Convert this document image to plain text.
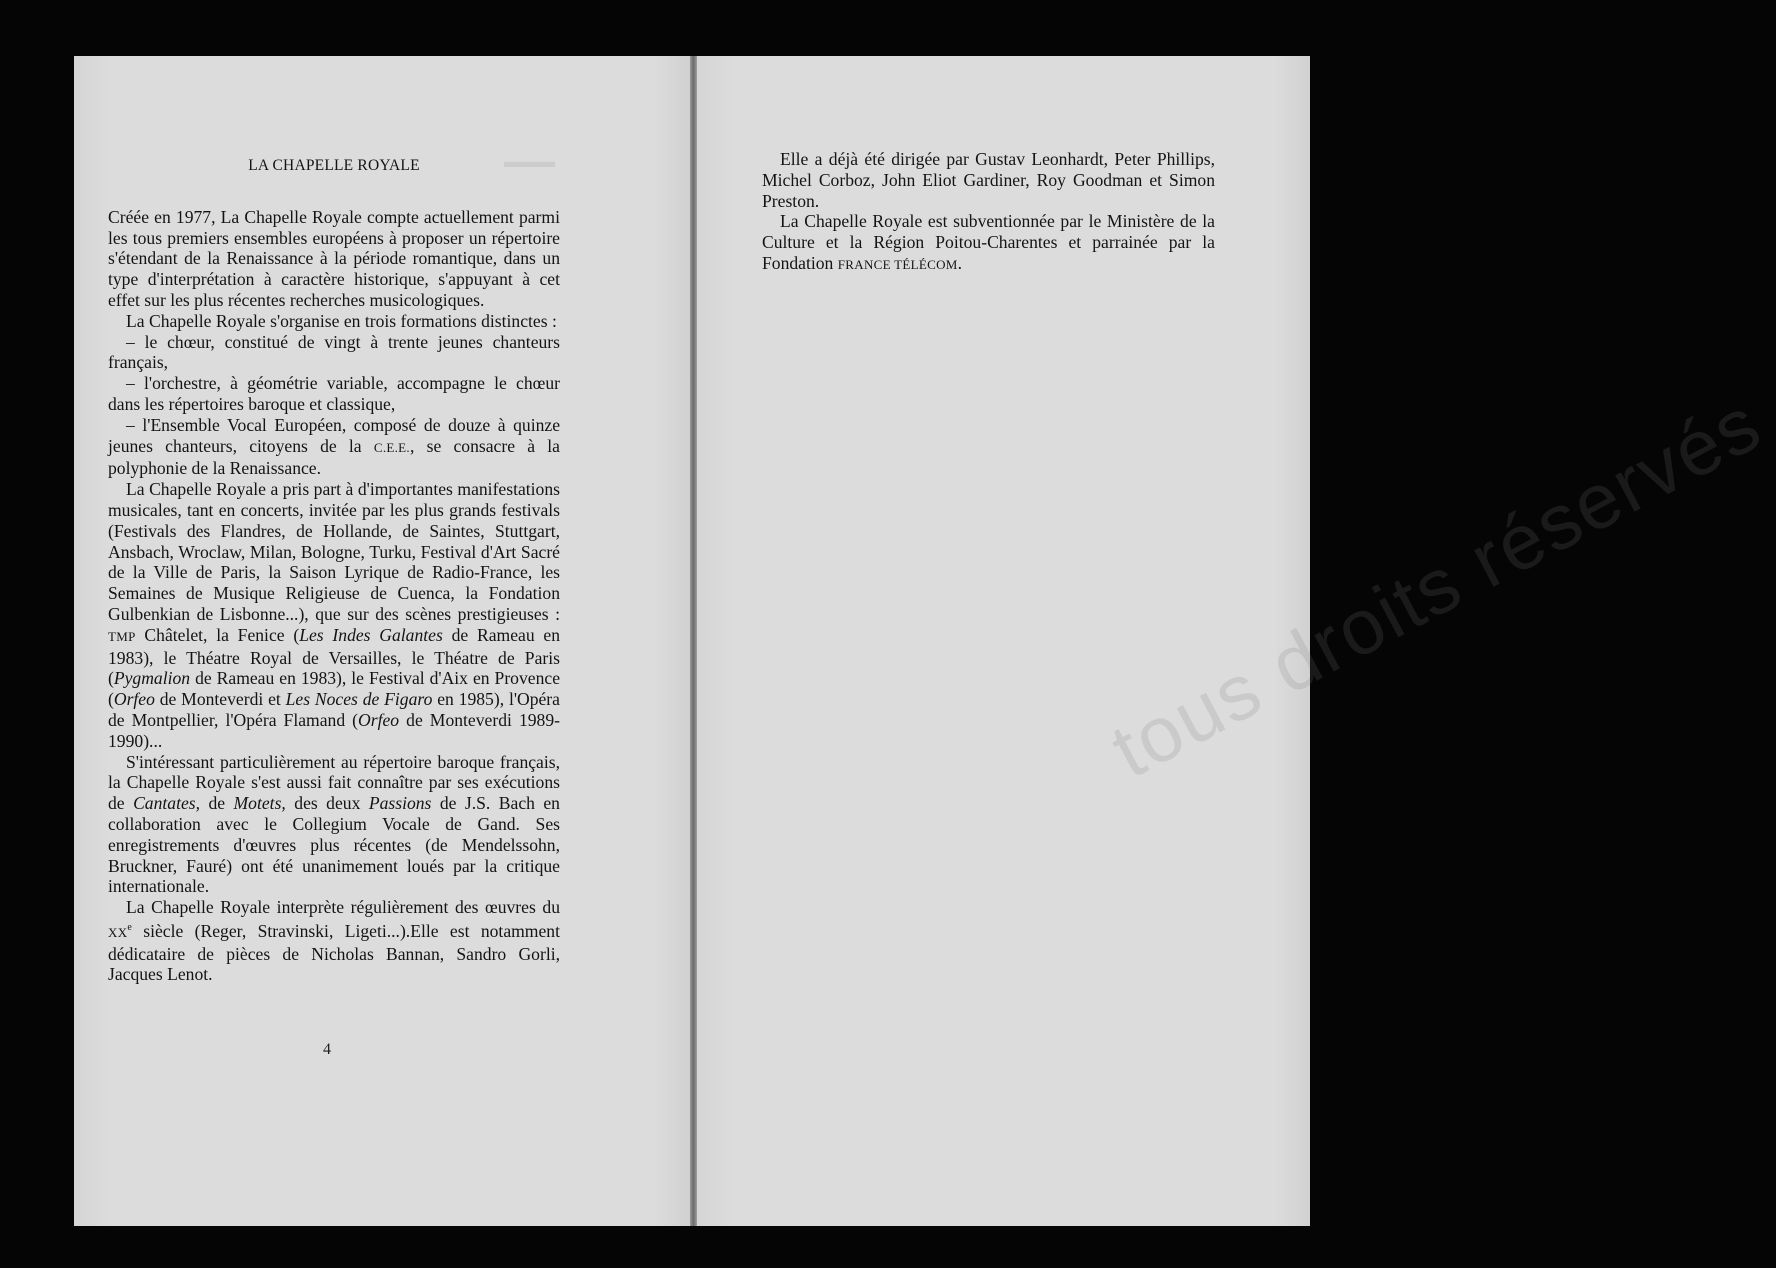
▬▬▬
tous droits réservés
LA CHAPELLE ROYALE

Créée en 1977, La Chapelle Royale compte actuellement parmi les tous premiers ensembles européens à proposer un répertoire s'étendant de la Renaissance à la période romantique, dans un type d'interprétation à caractère historique, s'appuyant à cet effet sur les plus récentes recherches musicologiques.

La Chapelle Royale s'organise en trois formations distinctes :

– le chœur, constitué de vingt à trente jeunes chanteurs français,

– l'orchestre, à géométrie variable, accompagne le chœur dans les répertoires baroque et classique,

– l'Ensemble Vocal Européen, composé de douze à quinze jeunes chanteurs, citoyens de la C.E.E., se consacre à la polyphonie de la Renaissance.

La Chapelle Royale a pris part à d'importantes manifestations musicales, tant en concerts, invitée par les plus grands festivals (Festivals des Flandres, de Hollande, de Saintes, Stuttgart, Ansbach, Wroclaw, Milan, Bologne, Turku, Festival d'Art Sacré de la Ville de Paris, la Saison Lyrique de Radio-France, les Semaines de Musique Religieuse de Cuenca, la Fondation Gulbenkian de Lisbonne...), que sur des scènes prestigieuses : TMP Châtelet, la Fenice (Les Indes Galantes de Rameau en 1983), le Théatre Royal de Versailles, le Théatre de Paris (Pygmalion de Rameau en 1983), le Festival d'Aix en Provence (Orfeo de Monteverdi et Les Noces de Figaro en 1985), l'Opéra de Montpellier, l'Opéra Flamand (Orfeo de Monteverdi 1989-1990)...

S'intéressant particulièrement au répertoire baroque français, la Chapelle Royale s'est aussi fait connaître par ses exécutions de Cantates, de Motets, des deux Passions de J.S. Bach en collaboration avec le Collegium Vocale de Gand. Ses enregistrements d'œuvres plus récentes (de Mendelssohn, Bruckner, Fauré) ont été unanimement loués par la critique internationale.

La Chapelle Royale interprète régulièrement des œuvres du XXe siècle (Reger, Stravinski, Ligeti...).Elle est notamment dédicataire de pièces de Nicholas Bannan, Sandro Gorli, Jacques Lenot.

4

Elle a déjà été dirigée par Gustav Leonhardt, Peter Phillips, Michel Corboz, John Eliot Gardiner, Roy Goodman et Simon Preston.

La Chapelle Royale est subventionnée par le Ministère de la Culture et la Région Poitou-Charentes et parrainée par la Fondation FRANCE TÉLÉCOM.
